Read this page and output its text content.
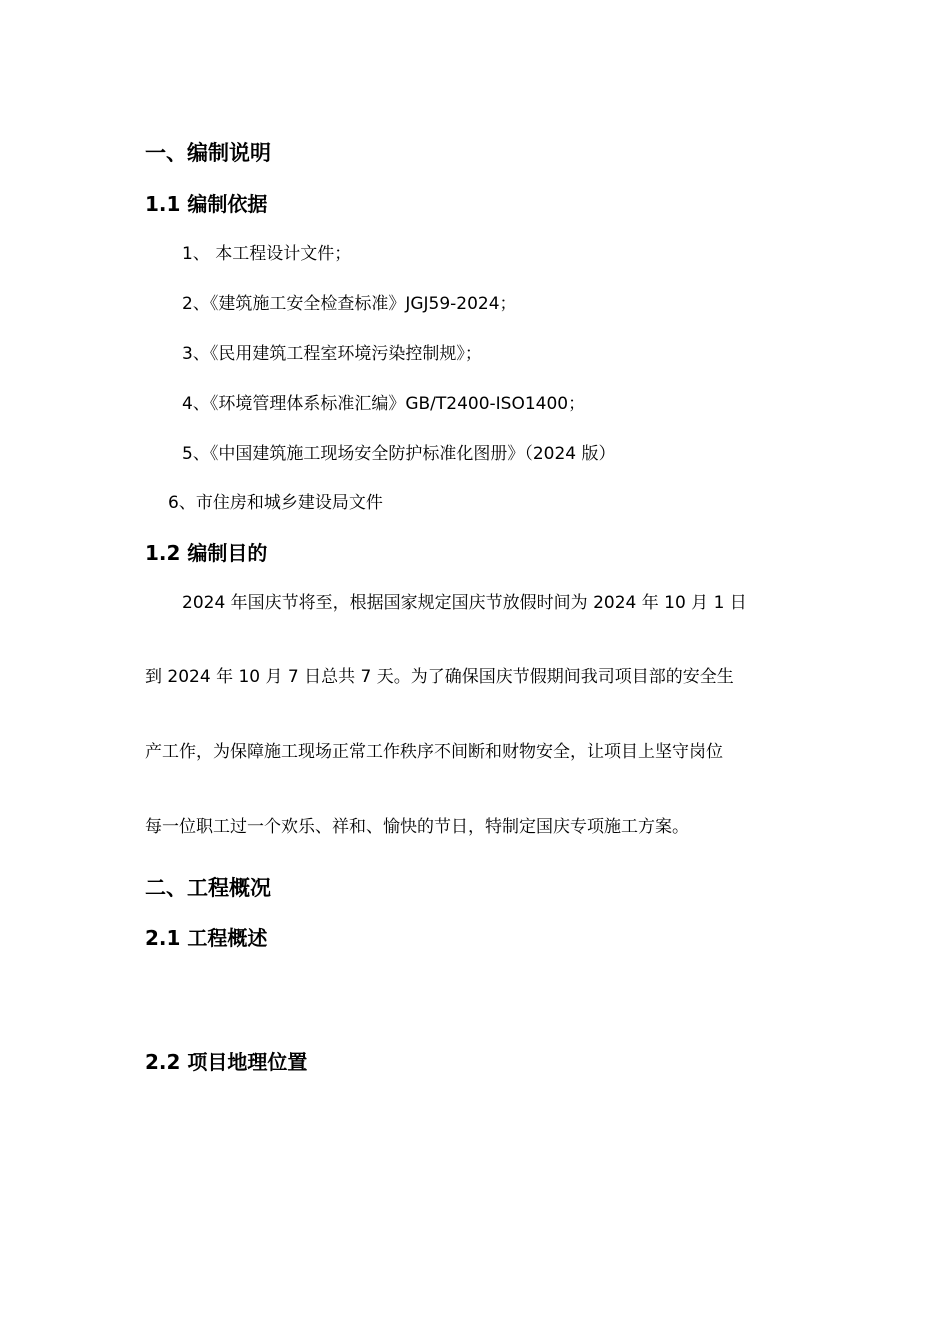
一、编制说明
1.1 编制依据
1、 本工程设计文件；
2、《建筑施工安全检查标准》JGJ59-2024；
3、《民用建筑工程室环境污染控制规》；
4、《环境管理体系标准汇编》GB/T2400-ISO1400；
5、《中国建筑施工现场安全防护标准化图册》（2024 版）
6、市住房和城乡建设局文件
1.2 编制目的
2024 年国庆节将至，根据国家规定国庆节放假时间为 2024 年 10 月 1 日
到 2024 年 10 月 7 日总共 7 天。为了确保国庆节假期间我司项目部的安全生
产工作，为保障施工现场正常工作秩序不间断和财物安全，让项目上坚守岗位
每一位职工过一个欢乐、祥和、愉快的节日，特制定国庆专项施工方案。
二、工程概况
2.1 工程概述
2.2 项目地理位置
